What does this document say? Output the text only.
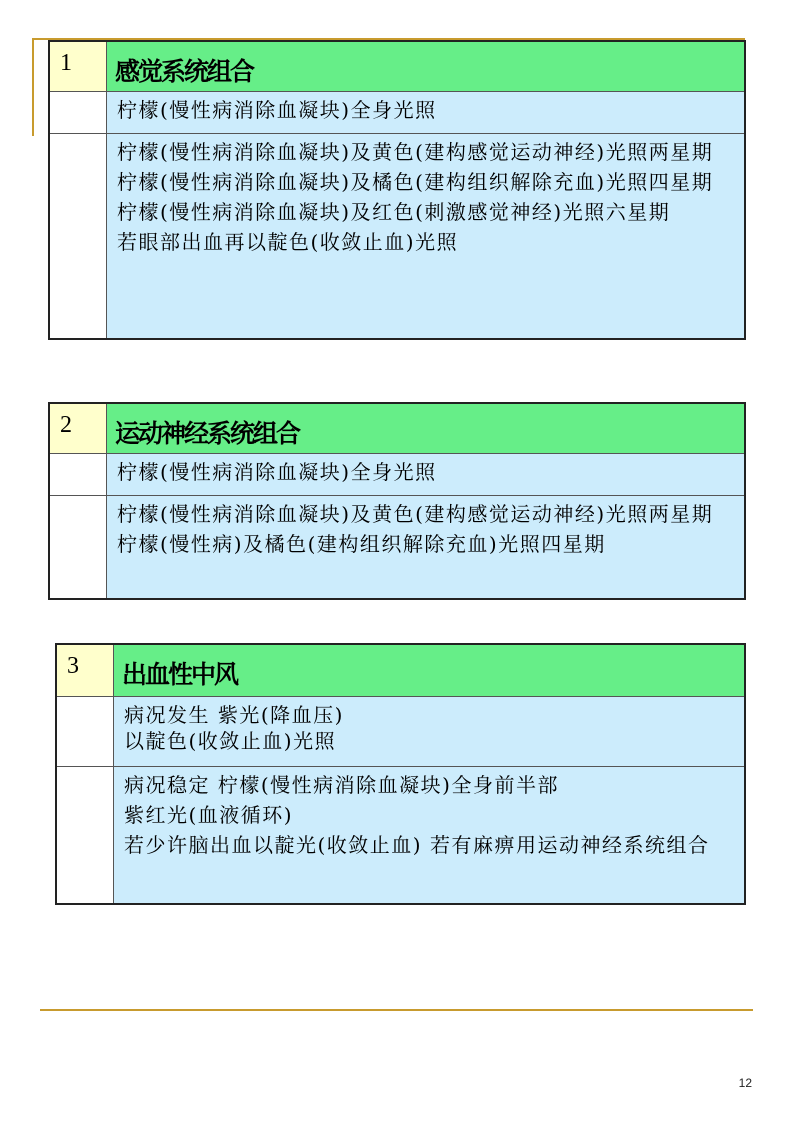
1	感觉系统组合

	柠檬(慢性病消除血凝块)全身光照

	柠檬(慢性病消除血凝块)及黄色(建构感觉运动神经)光照两星期
柠檬(慢性病消除血凝块)及橘色(建构组织解除充血)光照四星期
柠檬(慢性病消除血凝块)及红色(刺激感觉神经)光照六星期
若眼部出血再以靛色(收敛止血)光照
2	运动神经系统组合

	柠檬(慢性病消除血凝块)全身光照

	柠檬(慢性病消除血凝块)及黄色(建构感觉运动神经)光照两星期
柠檬(慢性病)及橘色(建构组织解除充血)光照四星期
3	出血性中风

	病况发生 紫光(降血压)
以靛色(收敛止血)光照

	病况稳定 柠檬(慢性病消除血凝块)全身前半部
紫红光(血液循环)
若少许脑出血以靛光(收敛止血) 若有麻痹用运动神经系统组合
12
